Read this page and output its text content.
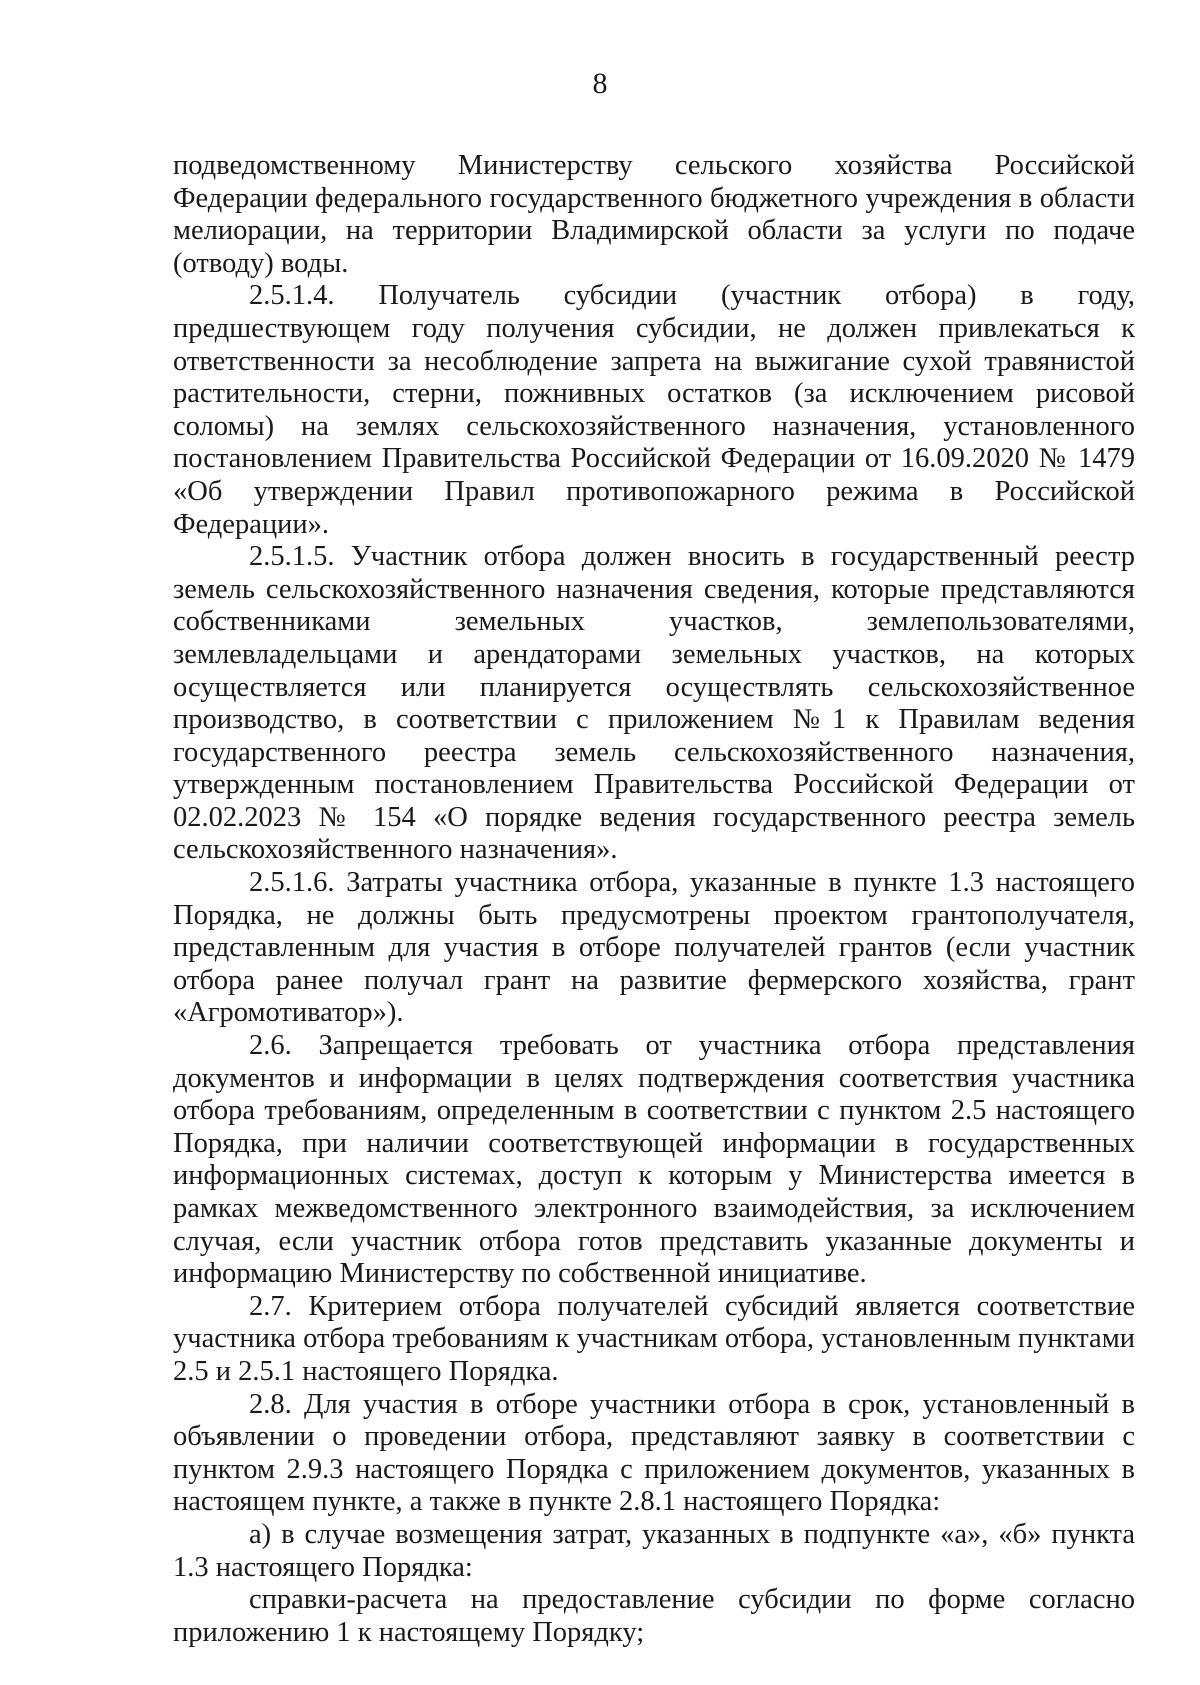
8

подведомственному Министерству сельского хозяйства Российской Федерации федерального государственного бюджетного учреждения в области мелиорации, на территории Владимирской области за услуги по подаче (отводу) воды.

2.5.1.4. Получатель субсидии (участник отбора) в году, предшествующем году получения субсидии, не должен привлекаться к ответственности за несоблюдение запрета на выжигание сухой травянистой растительности, стерни, пожнивных остатков (за исключением рисовой соломы) на землях сельскохозяйственного назначения, установленного постановлением Правительства Российской Федерации от 16.09.2020 № 1479 «Об утверждении Правил противопожарного режима в Российской Федерации».

2.5.1.5. Участник отбора должен вносить в государственный реестр земель сельскохозяйственного назначения сведения, которые представляются собственниками земельных участков, землепользователями, землевладельцами и арендаторами земельных участков, на которых осуществляется или планируется осуществлять сельскохозяйственное производство, в соответствии с приложением №1 к Правилам ведения государственного реестра земель сельскохозяйственного назначения, утвержденным постановлением Правительства Российской Федерации от 02.02.2023 № 154 «О порядке ведения государственного реестра земель сельскохозяйственного назначения».

2.5.1.6. Затраты участника отбора, указанные в пункте 1.3 настоящего Порядка, не должны быть предусмотрены проектом грантополучателя, представленным для участия в отборе получателей грантов (если участник отбора ранее получал грант на развитие фермерского хозяйства, грант «Агромотиватор»).

2.6. Запрещается требовать от участника отбора представления документов и информации в целях подтверждения соответствия участника отбора требованиям, определенным в соответствии с пунктом 2.5 настоящего Порядка, при наличии соответствующей информации в государственных информационных системах, доступ к которым у Министерства имеется в рамках межведомственного электронного взаимодействия, за исключением случая, если участник отбора готов представить указанные документы и информацию Министерству по собственной инициативе.

2.7. Критерием отбора получателей субсидий является соответствие участника отбора требованиям к участникам отбора, установленным пунктами 2.5 и 2.5.1 настоящего Порядка.

2.8. Для участия в отборе участники отбора в срок, установленный в объявлении о проведении отбора, представляют заявку в соответствии с пунктом 2.9.3 настоящего Порядка с приложением документов, указанных в настоящем пункте, а также в пункте 2.8.1 настоящего Порядка:

а) в случае возмещения затрат, указанных в подпункте «а», «б» пункта 1.3 настоящего Порядка:

справки-расчета на предоставление субсидии по форме согласно приложению 1 к настоящему Порядку;
